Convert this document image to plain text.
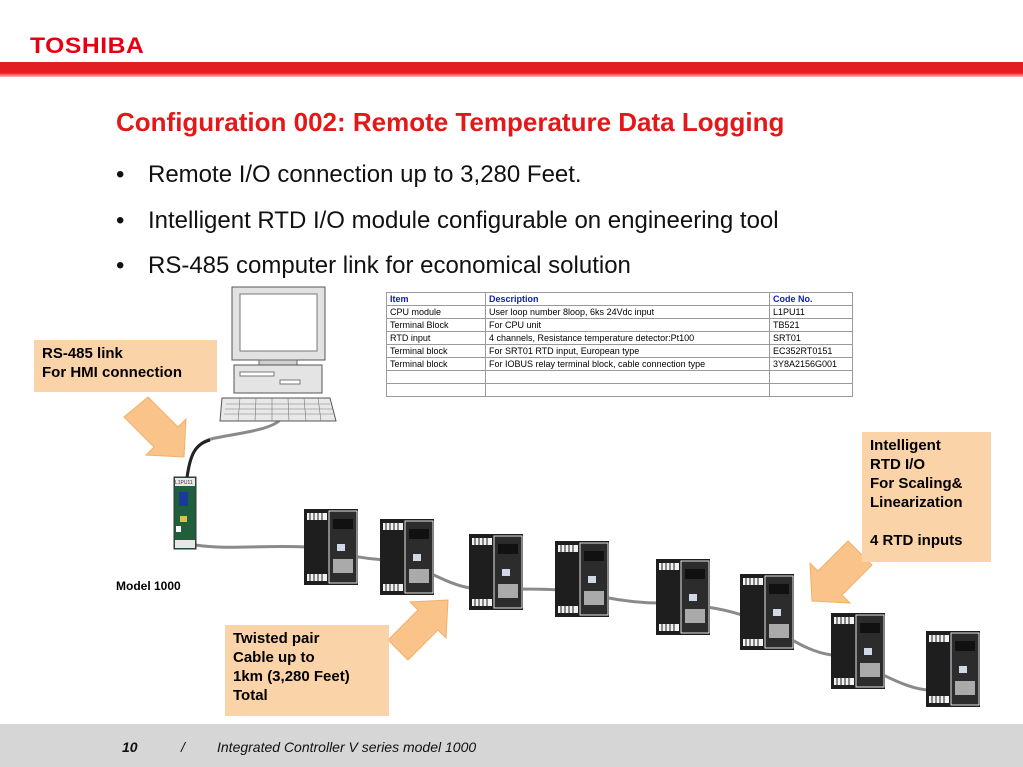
TOSHIBA
Configuration 002: Remote Temperature Data Logging
• Remote I/O connection up to 3,280 Feet.
• Intelligent RTD I/O module configurable on engineering tool
• RS-485 computer link for economical solution
Item	Description	Code No.
CPU module	User loop number 8loop, 6ks 24Vdc input	L1PU11
Terminal Block	For CPU unit	TB521
RTD input	4 channels, Resistance temperature detector:Pt100	SRT01
Terminal block	For SRT01 RTD input, European type	EC352RT0151
Terminal block	For IOBUS relay terminal block, cable connection type	3Y8A2156G001

L1PU11
RS-485 link
For HMI connection
Intelligent
RTD I/O
For Scaling&
Linearization
4 RTD inputs
Twisted pair
Cable up to
1km (3,280 Feet)
Total
Model 1000
10	/ Integrated Controller V series model 1000
